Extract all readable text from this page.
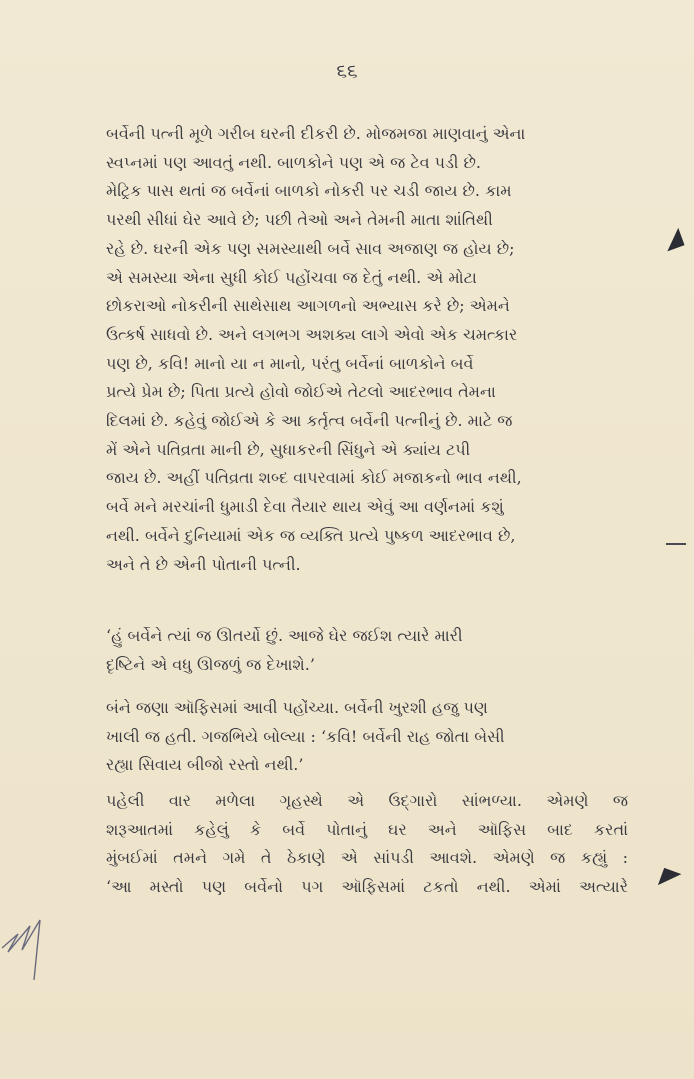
૬૬
બર્વેની પત્ની મૂળે ગરીબ ઘરની દીકરી છે. મોજમજા માણવાનું એના
સ્વપ્નમાં પણ આવતું નથી. બાળકોને પણ એ જ ટેવ પડી છે.
મેટ્રિક પાસ થતાં જ બર્વેનાં બાળકો નોકરી પર ચડી જાય છે. કામ
પરથી સીધાં ઘેર આવે છે; પછી તેઓ અને તેમની માતા શાંતિથી
રહે છે. ઘરની એક પણ સમસ્યાથી બર્વે સાવ અજાણ જ હોય છે;
એ સમસ્યા એના સુધી કોઈ પહોંચવા જ દેતું નથી. એ મોટા
છોકરાઓ નોકરીની સાથેસાથ આગળનો અભ્યાસ કરે છે; એમને
ઉત્કર્ષ સાધવો છે. અને લગભગ અશક્ય લાગે એવો એક ચમત્કાર
પણ છે, કવિ! માનો યા ન માનો, પરંતુ બર્વેનાં બાળકોને બર્વે
પ્રત્યે પ્રેમ છે; પિતા પ્રત્યે હોવો જોઈએ તેટલો આદરભાવ તેમના
દિલમાં છે. કહેવું જોઈએ કે આ કર્તૃત્વ બર્વેની પત્નીનું છે. માટે જ
મેં એને પતિવ્રતા માની છે, સુધાકરની સિંધુને એ ક્યાંય ટપી
જાય છે. અહીં પતિવ્રતા શબ્દ વાપરવામાં કોઈ મજાકનો ભાવ નથી,
બર્વે મને મરચાંની ધુમાડી દેવા તૈયાર થાય એવું આ વર્ણનમાં કશું
નથી. બર્વેને દુનિયામાં એક જ વ્યક્તિ પ્રત્યે પુષ્કળ આદરભાવ છે,
અને તે છે એની પોતાની પત્ની.
‘હું બર્વેને ત્યાં જ ઊતર્યો છું. આજે ઘેર જઈશ ત્યારે મારી
દૃષ્ટિને એ વધુ ઊજળું જ દેખાશે.’
બંને જણા ઑફિસમાં આવી પહોંચ્યા. બર્વેની ખુરશી હજુ પણ
ખાલી જ હતી. ગજભિયે બોલ્યા : ‘કવિ! બર્વેની રાહ જોતા બેસી
રહ્યા સિવાય બીજો રસ્તો નથી.’
પહેલી વાર મળેલા ગૃહસ્થે એ ઉદ્ગારો સાંભળ્યા. એમણે જ
શરૂઆતમાં કહેલું કે બર્વે પોતાનું ઘર અને ઑફિસ બાદ કરતાં
મુંબઈમાં તમને ગમે તે ઠેકાણે એ સાંપડી આવશે. એમણે જ કહ્યું :
‘આ મસ્તો પણ બર્વેનો પગ ઑફિસમાં ટકતો નથી. એમાં અત્યારે
◢
◤
